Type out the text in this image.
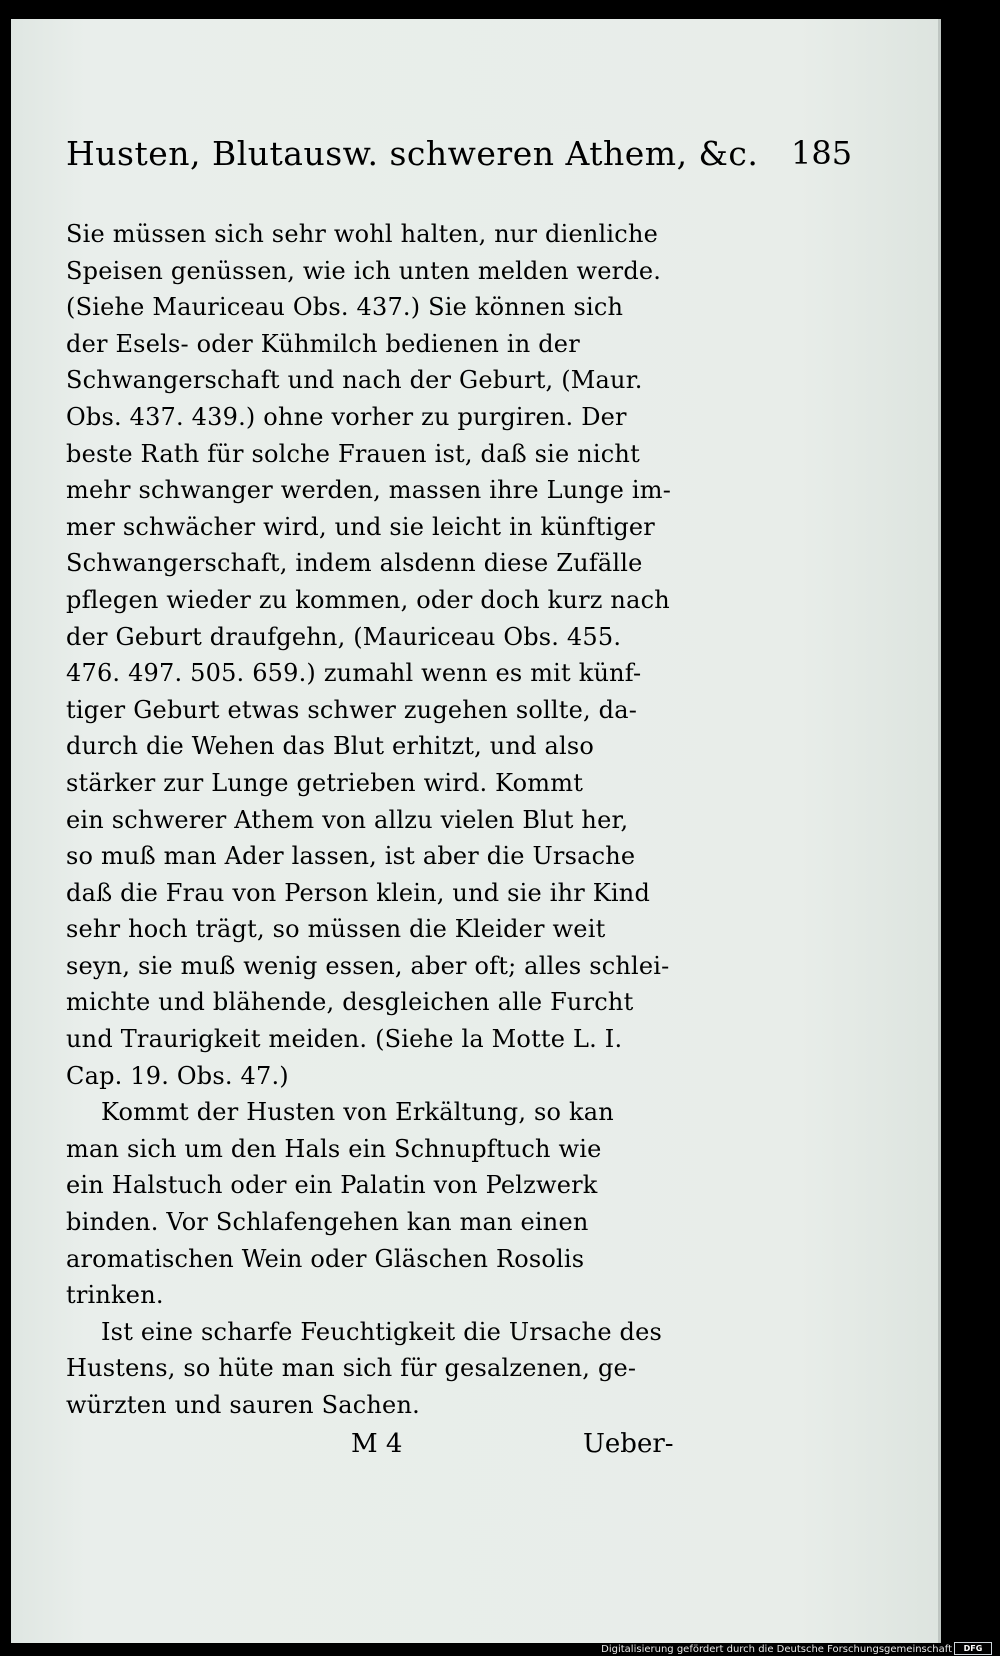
Husten, Blutausw. schweren Athem, &c. 185
Sie müssen sich sehr wohl halten, nur dienliche
Speisen genüssen, wie ich unten melden werde.
(Siehe Mauriceau Obs. 437.) Sie können sich
der Esels- oder Kühmilch bedienen in der
Schwangerschaft und nach der Geburt, (Maur.
Obs. 437. 439.) ohne vorher zu purgiren. Der
beste Rath für solche Frauen ist, daß sie nicht
mehr schwanger werden, massen ihre Lunge im-
mer schwächer wird, und sie leicht in künftiger
Schwangerschaft, indem alsdenn diese Zufälle
pflegen wieder zu kommen, oder doch kurz nach
der Geburt draufgehn, (Mauriceau Obs. 455.
476. 497. 505. 659.) zumahl wenn es mit künf-
tiger Geburt etwas schwer zugehen sollte, da-
durch die Wehen das Blut erhitzt, und also
stärker zur Lunge getrieben wird. Kommt
ein schwerer Athem von allzu vielen Blut her,
so muß man Ader lassen, ist aber die Ursache
daß die Frau von Person klein, und sie ihr Kind
sehr hoch trägt, so müssen die Kleider weit
seyn, sie muß wenig essen, aber oft; alles schlei-
michte und blähende, desgleichen alle Furcht
und Traurigkeit meiden. (Siehe la Motte L. I.
Cap. 19. Obs. 47.)
Kommt der Husten von Erkältung, so kan
man sich um den Hals ein Schnupftuch wie
ein Halstuch oder ein Palatin von Pelzwerk
binden. Vor Schlafengehen kan man einen
aromatischen Wein oder Gläschen Rosolis
trinken.
Ist eine scharfe Feuchtigkeit die Ursache des
Hustens, so hüte man sich für gesalzenen, ge-
würzten und sauren Sachen.
M 4	Ueber-
Digitalisierung gefördert durch die Deutsche Forschungsgemeinschaft	DFG
